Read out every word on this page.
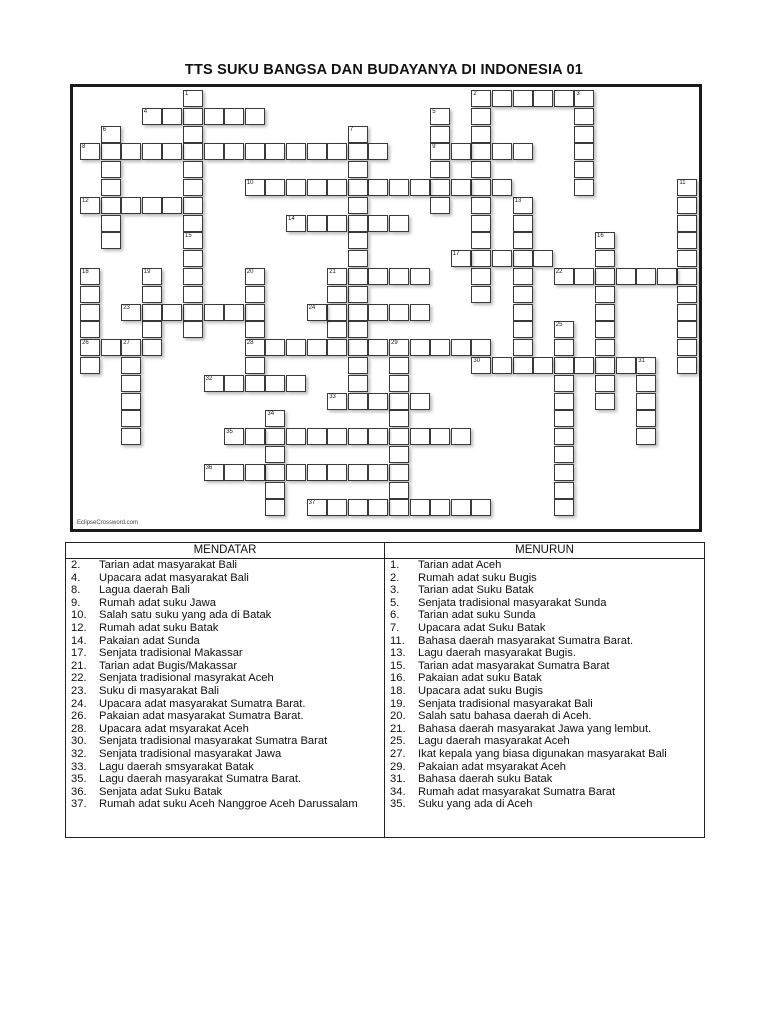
TTS SUKU BANGSA DAN BUDAYANYA DI INDONESIA 01
1
15
2	3
4	5
9
6	7
8
10	11
12	13
14
16
17
18
26
19	20
28
21	22
23	24
25
27	29
30	31
32
33
34
35
36
37
EclipseCrossword.com
MENDATAR
2.	Tarian adat masyarakat Bali
4.	Upacara adat masyarakat Bali
8.	Lagua daerah Bali
9.	Rumah adat suku Jawa
10.	Salah satu suku yang ada di Batak
12.	Rumah adat suku Batak
14.	Pakaian adat Sunda
17.	Senjata tradisional Makassar
21.	Tarian adat Bugis/Makassar
22.	Senjata tradisional masyrakat Aceh
23.	Suku di masyarakat Bali
24.	Upacara adat masyarakat Sumatra Barat.
26.	Pakaian adat masyarakat Sumatra Barat.
28.	Upacara adat msyarakat Aceh
30.	Senjata tradisional masyarakat Sumatra Barat
32.	Senjata tradisional masyarakat Jawa
33.	Lagu daerah smsyarakat Batak
35.	Lagu daerah masyarakat Sumatra Barat.
36.	Senjata adat Suku Batak
37.	Rumah adat suku Aceh Nanggroe Aceh Darussalam
MENURUN
1.	Tarian adat Aceh
2.	Rumah adat suku Bugis
3.	Tarian adat Suku Batak
5.	Senjata tradisional masyarakat Sunda
6.	Tarian adat suku Sunda
7.	Upacara adat Suku Batak
11.	Bahasa daerah masyarakat Sumatra Barat.
13.	Lagu daerah masyarakat Bugis.
15.	Tarian adat masyarakat Sumatra Barat
16.	Pakaian adat suku Batak
18.	Upacara adat suku Bugis
19.	Senjata tradisional masyarakat Bali
20.	Salah satu bahasa daerah di Aceh.
21.	Bahasa daerah masyarakat Jawa yang lembut.
25.	Lagu daerah masyarakat Aceh
27.	Ikat kepala yang biasa digunakan masyarakat Bali
29.	Pakaian adat msyarakat Aceh
31.	Bahasa daerah suku Batak
34.	Rumah adat masyarakat Sumatra Barat
35.	Suku yang ada di Aceh
